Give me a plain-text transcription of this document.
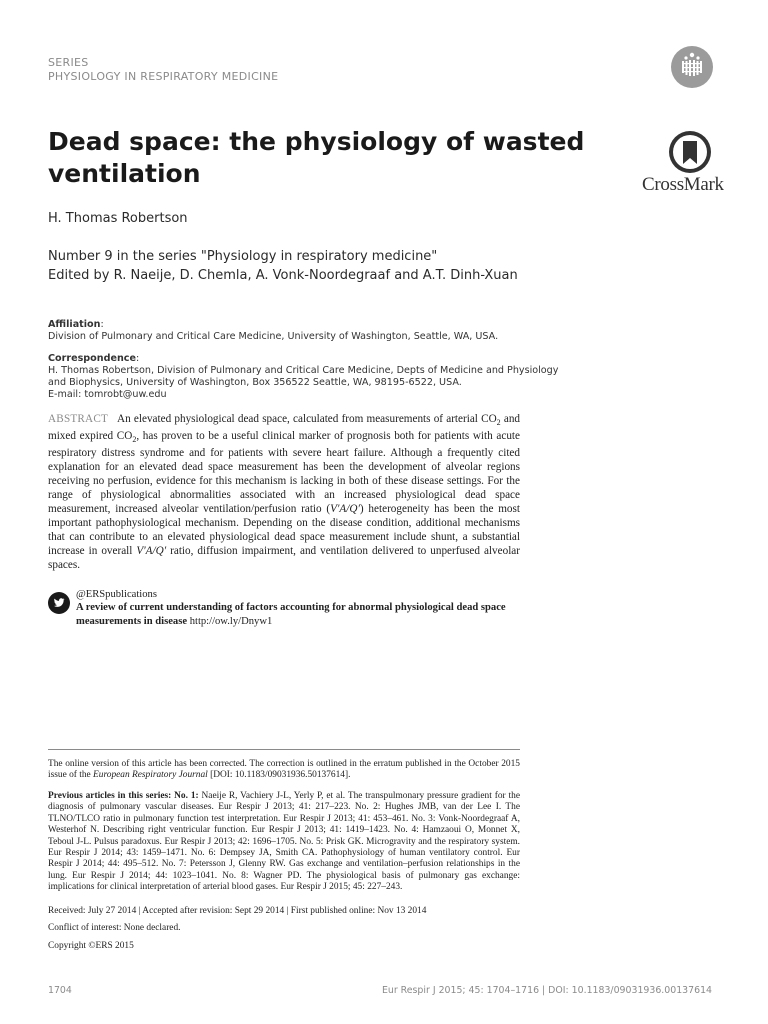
SERIES
PHYSIOLOGY IN RESPIRATORY MEDICINE
Dead space: the physiology of wasted ventilation	CrossMark
H. Thomas Robertson
Number 9 in the series "Physiology in respiratory medicine"
Edited by R. Naeije, D. Chemla, A. Vonk-Noordegraaf and A.T. Dinh-Xuan
Affiliation:
Division of Pulmonary and Critical Care Medicine, University of Washington, Seattle, WA, USA.
Correspondence:
H. Thomas Robertson, Division of Pulmonary and Critical Care Medicine, Depts of Medicine and Physiology
and Biophysics, University of Washington, Box 356522 Seattle, WA, 98195-6522, USA.
E-mail: tomrobt@uw.edu
ABSTRACT An elevated physiological dead space, calculated from measurements of arterial $CO_2$ and mixed expired $CO_2$, has proven to be a useful clinical marker of prognosis both for patients with acute respiratory distress syndrome and for patients with severe heart failure. Although a frequently cited explanation for an elevated dead space measurement has been the development of alveolar regions receiving no perfusion, evidence for this mechanism is lacking in both of these disease settings. For the range of physiological abnormalities associated with an increased physiological dead space measurement, increased alveolar ventilation/perfusion ratio (V′A/Q′) heterogeneity has been the most important pathophysiological mechanism. Depending on the disease condition, additional mechanisms that can contribute to an elevated physiological dead space measurement include shunt, a substantial increase in overall V′A/Q′ ratio, diffusion impairment, and ventilation delivered to unperfused alveolar spaces.
@ERSpublications
A review of current understanding of factors accounting for abnormal physiological dead space measurements in disease http://ow.ly/Dnyw1
The online version of this article has been corrected. The correction is outlined in the erratum published in the October 2015 issue of the European Respiratory Journal [DOI: 10.1183/09031936.50137614].
Previous articles in this series: No. 1: Naeije R, Vachiery J-L, Yerly P, et al. The transpulmonary pressure gradient for the diagnosis of pulmonary vascular diseases. Eur Respir J 2013; 41: 217–223. No. 2: Hughes JMB, van der Lee I. The TLNO/TLCO ratio in pulmonary function test interpretation. Eur Respir J 2013; 41: 453–461. No. 3: Vonk-Noordegraaf A, Westerhof N. Describing right ventricular function. Eur Respir J 2013; 41: 1419–1423. No. 4: Hamzaoui O, Monnet X, Teboul J-L. Pulsus paradoxus. Eur Respir J 2013; 42: 1696–1705. No. 5: Prisk GK. Microgravity and the respiratory system. Eur Respir J 2014; 43: 1459–1471. No. 6: Dempsey JA, Smith CA. Pathophysiology of human ventilatory control. Eur Respir J 2014; 44: 495–512. No. 7: Petersson J, Glenny RW. Gas exchange and ventilation–perfusion relationships in the lung. Eur Respir J 2014; 44: 1023–1041. No. 8: Wagner PD. The physiological basis of pulmonary gas exchange: implications for clinical interpretation of arterial blood gases. Eur Respir J 2015; 45: 227–243.
Received: July 27 2014 | Accepted after revision: Sept 29 2014 | First published online: Nov 13 2014
Conflict of interest: None declared.
Copyright ©ERS 2015
1704	Eur Respir J 2015; 45: 1704–1716 | DOI: 10.1183/09031936.00137614
